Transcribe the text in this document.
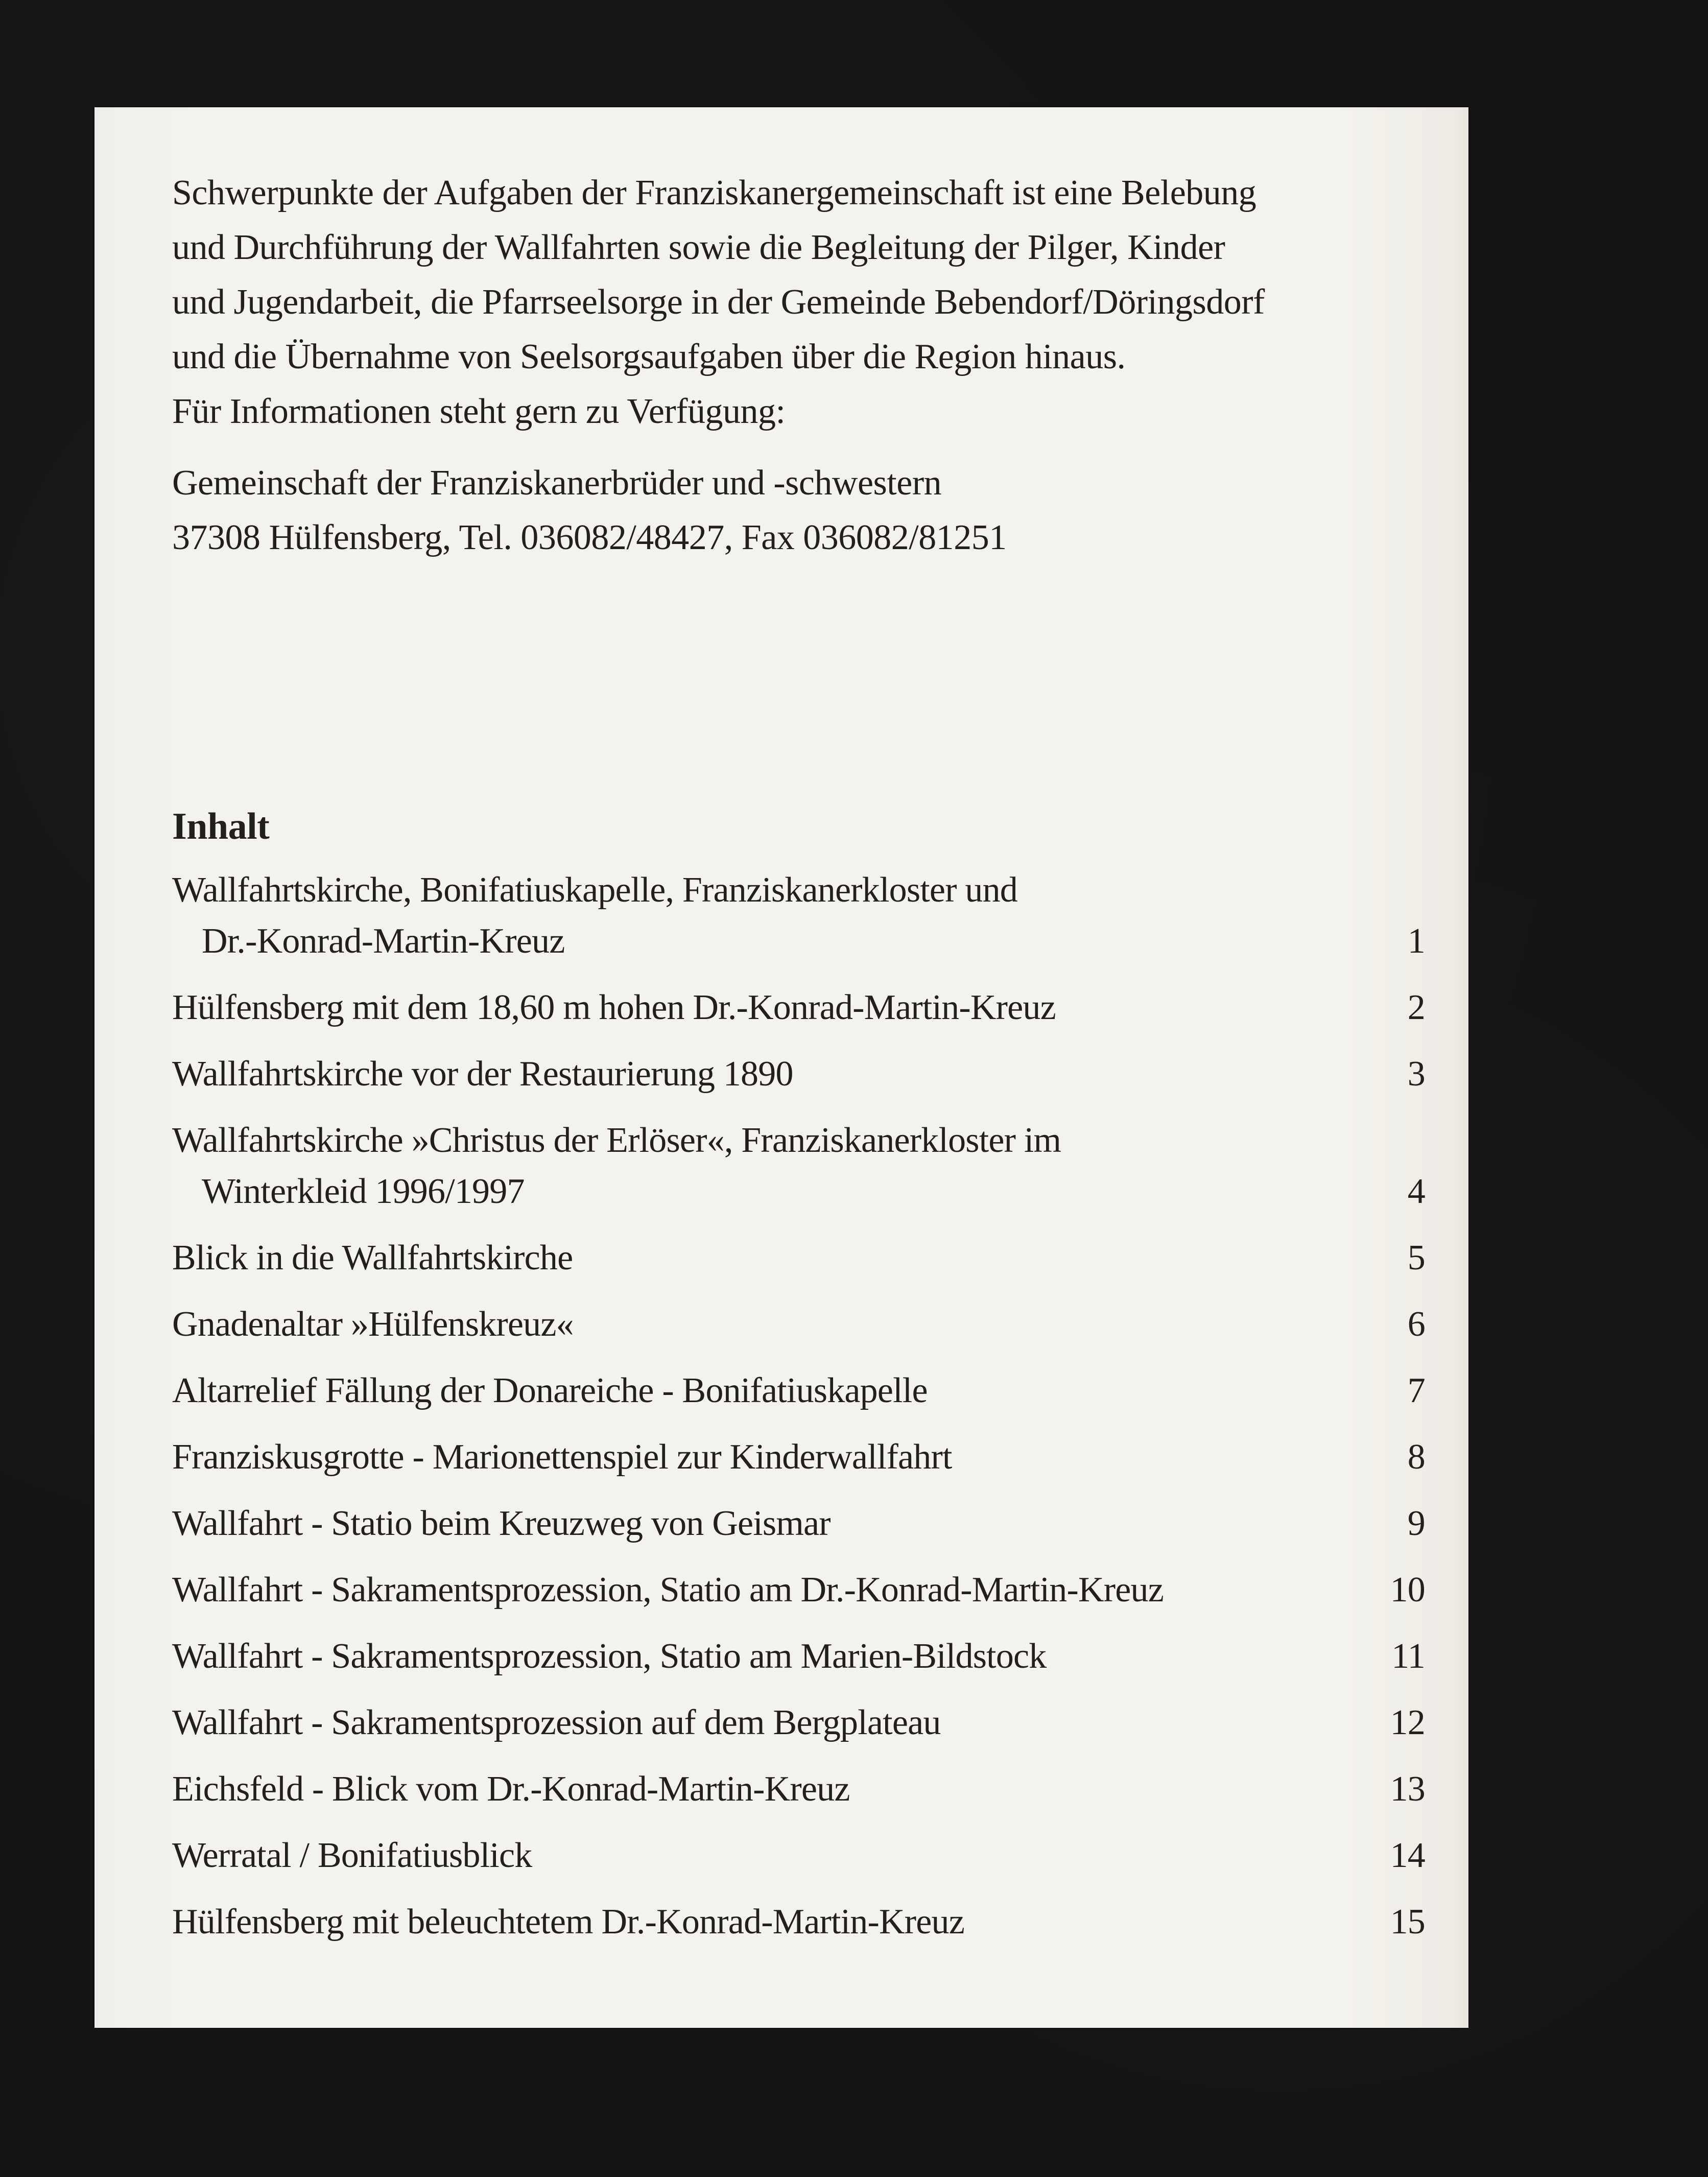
Schwerpunkte der Aufgaben der Franziskanergemeinschaft ist eine Belebung
und Durchführung der Wallfahrten sowie die Begleitung der Pilger, Kinder
und Jugendarbeit, die Pfarrseelsorge in der Gemeinde Bebendorf/Döringsdorf
und die Übernahme von Seelsorgsaufgaben über die Region hinaus.
Für Informationen steht gern zu Verfügung:
Gemeinschaft der Franziskanerbrüder und -schwestern
37308 Hülfensberg, Tel. 036082/48427, Fax 036082/81251
Inhalt
Wallfahrtskirche, Bonifatiuskapelle, Franziskanerkloster und
Dr.-Konrad-Martin-Kreuz	1
Hülfensberg mit dem 18,60 m hohen Dr.-Konrad-Martin-Kreuz	2
Wallfahrtskirche vor der Restaurierung 1890	3
Wallfahrtskirche »Christus der Erlöser«, Franziskanerkloster im
Winterkleid 1996/1997	4
Blick in die Wallfahrtskirche	5
Gnadenaltar »Hülfenskreuz«	6
Altarrelief Fällung der Donareiche - Bonifatiuskapelle	7
Franziskusgrotte - Marionettenspiel zur Kinderwallfahrt	8
Wallfahrt - Statio beim Kreuzweg von Geismar	9
Wallfahrt - Sakramentsprozession, Statio am Dr.-Konrad-Martin-Kreuz	10
Wallfahrt - Sakramentsprozession, Statio am Marien-Bildstock	11
Wallfahrt - Sakramentsprozession auf dem Bergplateau	12
Eichsfeld - Blick vom Dr.-Konrad-Martin-Kreuz	13
Werratal / Bonifatiusblick	14
Hülfensberg mit beleuchtetem Dr.-Konrad-Martin-Kreuz	15
